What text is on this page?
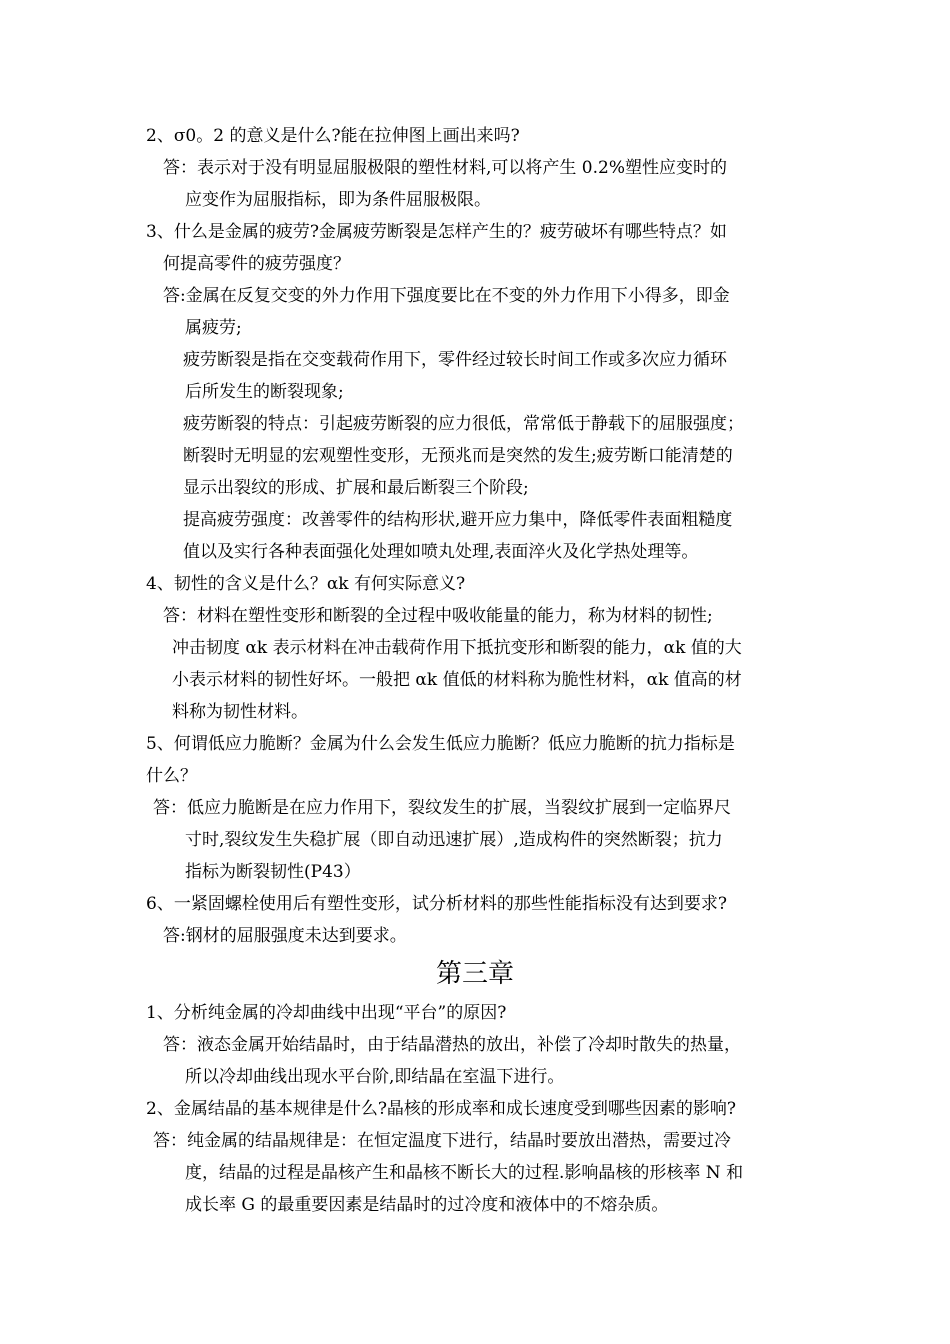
2、σ0。2 的意义是什么?能在拉伸图上画出来吗?
答：表示对于没有明显屈服极限的塑性材料,可以将产生 0.2%塑性应变时的
应变作为屈服指标，即为条件屈服极限。
3、什么是金属的疲劳?金属疲劳断裂是怎样产生的？疲劳破坏有哪些特点？如
何提高零件的疲劳强度？
答:金属在反复交变的外力作用下强度要比在不变的外力作用下小得多，即金
属疲劳;
疲劳断裂是指在交变载荷作用下，零件经过较长时间工作或多次应力循环
后所发生的断裂现象;
疲劳断裂的特点：引起疲劳断裂的应力很低，常常低于静载下的屈服强度；
断裂时无明显的宏观塑性变形，无预兆而是突然的发生;疲劳断口能清楚的
显示出裂纹的形成、扩展和最后断裂三个阶段;
提高疲劳强度：改善零件的结构形状,避开应力集中，降低零件表面粗糙度
值以及实行各种表面强化处理如喷丸处理,表面淬火及化学热处理等。
4、韧性的含义是什么？αk 有何实际意义?
答：材料在塑性变形和断裂的全过程中吸收能量的能力，称为材料的韧性;
冲击韧度 αk 表示材料在冲击载荷作用下抵抗变形和断裂的能力，αk 值的大
小表示材料的韧性好坏。一般把 αk 值低的材料称为脆性材料，αk 值高的材
料称为韧性材料。
5、何谓低应力脆断？金属为什么会发生低应力脆断？低应力脆断的抗力指标是
什么？
答：低应力脆断是在应力作用下，裂纹发生的扩展，当裂纹扩展到一定临界尺
寸时,裂纹发生失稳扩展（即自动迅速扩展）,造成构件的突然断裂；抗力
指标为断裂韧性(P43）
6、一紧固螺栓使用后有塑性变形，试分析材料的那些性能指标没有达到要求?
答:钢材的屈服强度未达到要求。
第三章
1、分析纯金属的冷却曲线中出现“平台”的原因?
答：液态金属开始结晶时，由于结晶潜热的放出，补偿了冷却时散失的热量，
所以冷却曲线出现水平台阶,即结晶在室温下进行。
2、金属结晶的基本规律是什么?晶核的形成率和成长速度受到哪些因素的影响?
答：纯金属的结晶规律是：在恒定温度下进行，结晶时要放出潜热，需要过冷
度，结晶的过程是晶核产生和晶核不断长大的过程.影响晶核的形核率 N 和
成长率 G 的最重要因素是结晶时的过冷度和液体中的不熔杂质。
